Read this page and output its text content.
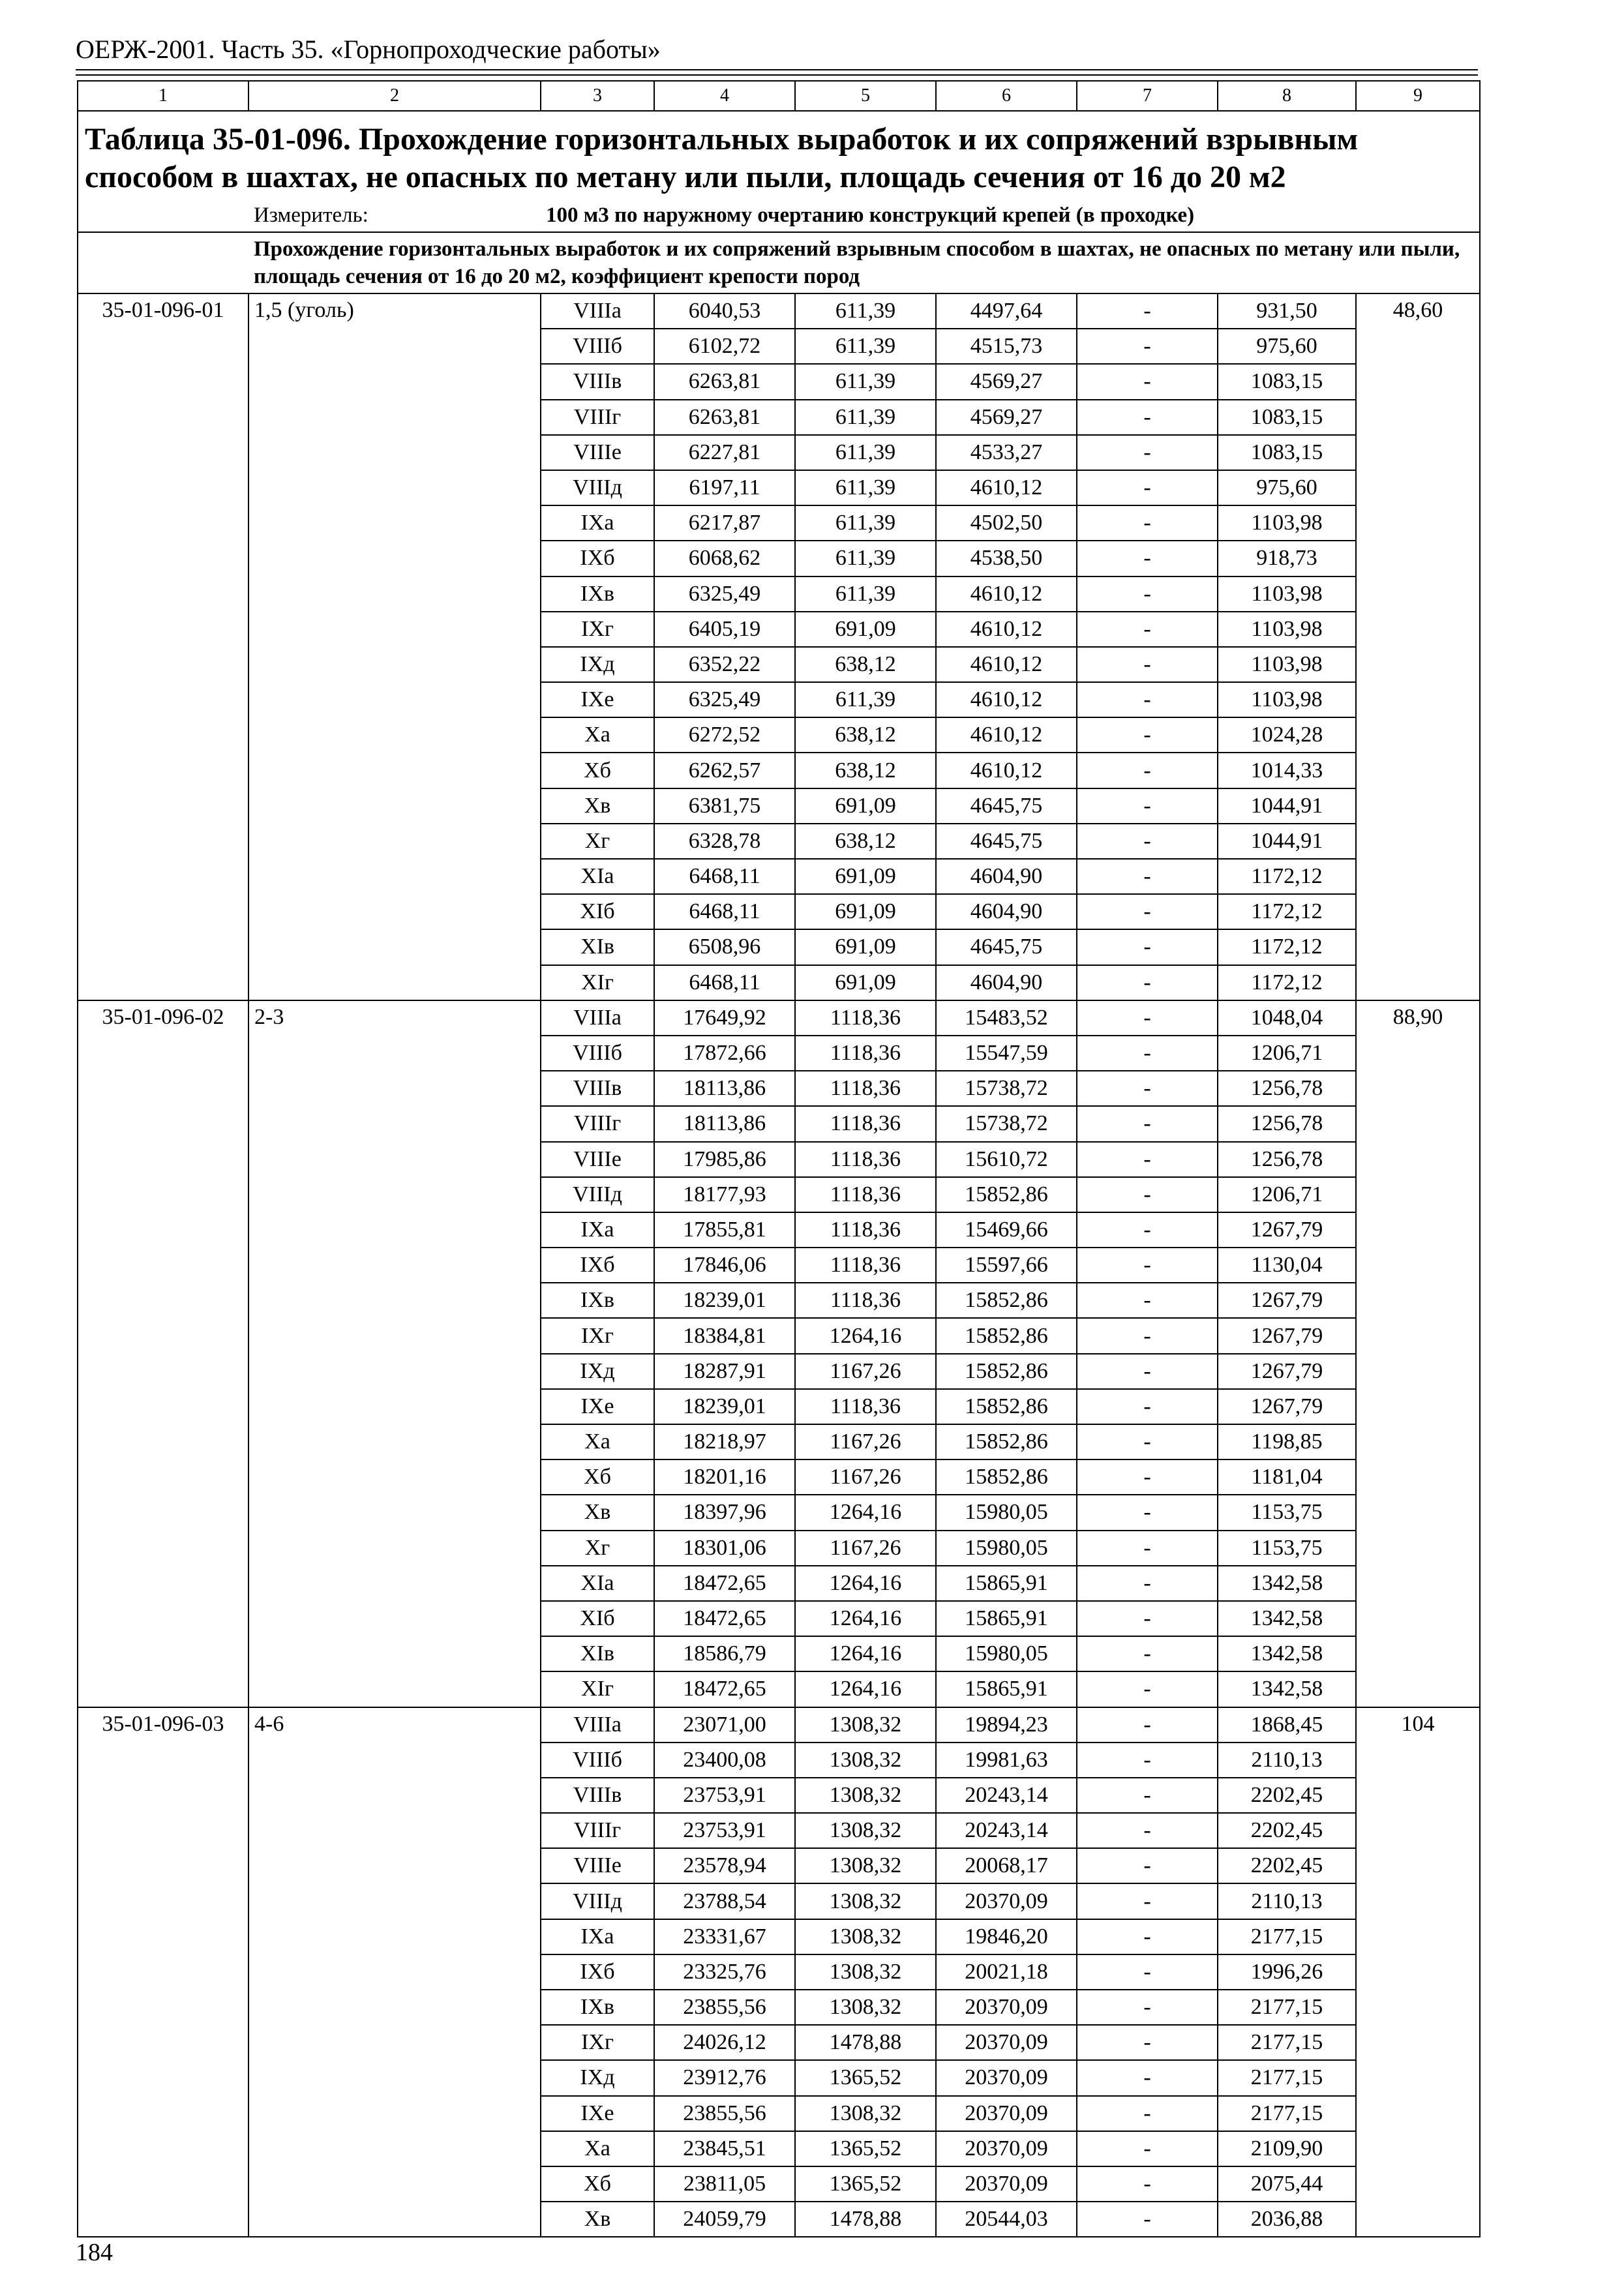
ОЕРЖ-2001. Часть 35. «Горнопроходческие работы»
1	2	3	4	5	6	7	8	9
Таблица 35-01-096. Прохождение горизонтальных выработок и их сопряжений взрывным способом в шахтах, не опасных по метану или пыли, площадь сечения от 16 до 20 м2								
	Измеритель:	100 м3 по наружному очертанию конструкций крепей (в проходке)						
	Прохождение горизонтальных выработок и их сопряжений взрывным способом в шахтах, не опасных по метану или пыли, площадь сечения от 16 до 20 м2, коэффициент крепости пород							
35-01-096-01	1,5 (уголь)	VIIIа	6040,53	611,39	4497,64	-	931,50	48,60
		VIIIб	6102,72	611,39	4515,73	-	975,60	
		VIIIв	6263,81	611,39	4569,27	-	1083,15	
		VIIIг	6263,81	611,39	4569,27	-	1083,15	
		VIIIе	6227,81	611,39	4533,27	-	1083,15	
		VIIIд	6197,11	611,39	4610,12	-	975,60	
		IXа	6217,87	611,39	4502,50	-	1103,98	
		IXб	6068,62	611,39	4538,50	-	918,73	
		IXв	6325,49	611,39	4610,12	-	1103,98	
		IXг	6405,19	691,09	4610,12	-	1103,98	
		IXд	6352,22	638,12	4610,12	-	1103,98	
		IXе	6325,49	611,39	4610,12	-	1103,98	
		Xа	6272,52	638,12	4610,12	-	1024,28	
		Xб	6262,57	638,12	4610,12	-	1014,33	
		Xв	6381,75	691,09	4645,75	-	1044,91	
		Xг	6328,78	638,12	4645,75	-	1044,91	
		XIа	6468,11	691,09	4604,90	-	1172,12	
		XIб	6468,11	691,09	4604,90	-	1172,12	
		XIв	6508,96	691,09	4645,75	-	1172,12	
		XIг	6468,11	691,09	4604,90	-	1172,12	
35-01-096-02	2-3	VIIIа	17649,92	1118,36	15483,52	-	1048,04	88,90
		VIIIб	17872,66	1118,36	15547,59	-	1206,71	
		VIIIв	18113,86	1118,36	15738,72	-	1256,78	
		VIIIг	18113,86	1118,36	15738,72	-	1256,78	
		VIIIе	17985,86	1118,36	15610,72	-	1256,78	
		VIIIд	18177,93	1118,36	15852,86	-	1206,71	
		IXа	17855,81	1118,36	15469,66	-	1267,79	
		IXб	17846,06	1118,36	15597,66	-	1130,04	
		IXв	18239,01	1118,36	15852,86	-	1267,79	
		IXг	18384,81	1264,16	15852,86	-	1267,79	
		IXд	18287,91	1167,26	15852,86	-	1267,79	
		IXе	18239,01	1118,36	15852,86	-	1267,79	
		Xа	18218,97	1167,26	15852,86	-	1198,85	
		Xб	18201,16	1167,26	15852,86	-	1181,04	
		Xв	18397,96	1264,16	15980,05	-	1153,75	
		Xг	18301,06	1167,26	15980,05	-	1153,75	
		XIа	18472,65	1264,16	15865,91	-	1342,58	
		XIб	18472,65	1264,16	15865,91	-	1342,58	
		XIв	18586,79	1264,16	15980,05	-	1342,58	
		XIг	18472,65	1264,16	15865,91	-	1342,58	
35-01-096-03	4-6	VIIIа	23071,00	1308,32	19894,23	-	1868,45	104
		VIIIб	23400,08	1308,32	19981,63	-	2110,13	
		VIIIв	23753,91	1308,32	20243,14	-	2202,45	
		VIIIг	23753,91	1308,32	20243,14	-	2202,45	
		VIIIе	23578,94	1308,32	20068,17	-	2202,45	
		VIIIд	23788,54	1308,32	20370,09	-	2110,13	
		IXа	23331,67	1308,32	19846,20	-	2177,15	
		IXб	23325,76	1308,32	20021,18	-	1996,26	
		IXв	23855,56	1308,32	20370,09	-	2177,15	
		IXг	24026,12	1478,88	20370,09	-	2177,15	
		IXд	23912,76	1365,52	20370,09	-	2177,15	
		IXе	23855,56	1308,32	20370,09	-	2177,15	
		Xа	23845,51	1365,52	20370,09	-	2109,90	
		Xб	23811,05	1365,52	20370,09	-	2075,44	
		Xв	24059,79	1478,88	20544,03	-	2036,88	
184
